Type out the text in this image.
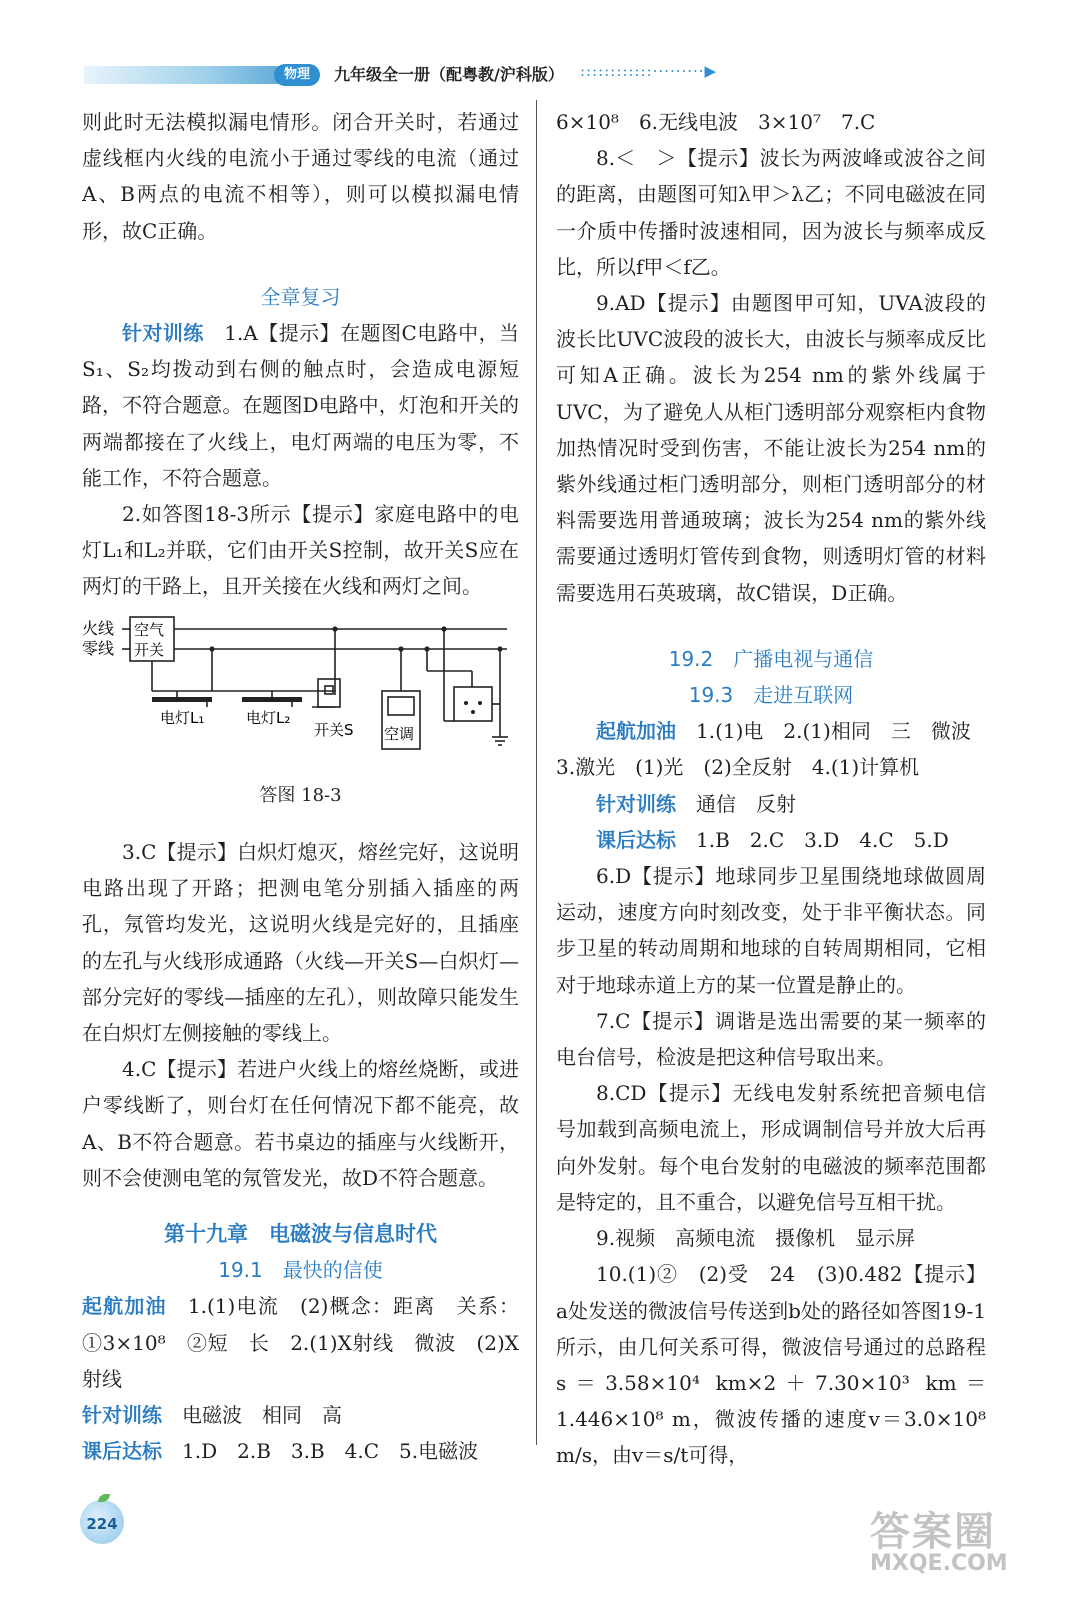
物理	九年级全一册（配粤教/沪科版） ::::::::::::·········▶

则此时无法模拟漏电情形。闭合开关时，若通过虚线框内火线的电流小于通过零线的电流（通过A、B两点的电流不相等），则可以模拟漏电情形，故C正确。

全章复习

针对训练　 1.A【提示】在题图C电路中，当S₁、S₂均拨动到右侧的触点时，会造成电源短路，不符合题意。在题图D电路中，灯泡和开关的两端都接在了火线上，电灯两端的电压为零，不能工作，不符合题意。

2.如答图18-3所示【提示】家庭电路中的电灯L₁和L₂并联，它们由开关S控制，故开关S应在两灯的干路上，且开关接在火线和两灯之间。

火线
零线
空气
开关
电灯L₁	电灯L₂
开关S 空调

答图 18-3

3.C【提示】白炽灯熄灭，熔丝完好，这说明电路出现了开路；把测电笔分别插入插座的两孔，氖管均发光，这说明火线是完好的，且插座的左孔与火线形成通路（火线—开关S—白炽灯—部分完好的零线—插座的左孔），则故障只能发生在白炽灯左侧接触的零线上。

4.C【提示】若进户火线上的熔丝烧断，或进户零线断了，则台灯在任何情况下都不能亮，故A、B不符合题意。若书桌边的插座与火线断开，则不会使测电笔的氖管发光，故D不符合题意。

第十九章　电磁波与信息时代

19.1　最快的信使

起航加油　 1.(1)电流　(2)概念：距离　关系：①3×10⁸　②短　长　2.(1)X射线　微波　(2)X射线

针对训练　 电磁波　相同　高

课后达标　 1.D　2.B　3.B　4.C　5.电磁波

6×10⁸　6.无线电波　3×10⁷　7.C

8.＜　＞【提示】波长为两波峰或波谷之间的距离，由题图可知λ甲＞λ乙；不同电磁波在同一介质中传播时波速相同，因为波长与频率成反比，所以f甲＜f乙。

9.AD【提示】由题图甲可知，UVA波段的波长比UVC波段的波长大，由波长与频率成反比可知A正确。波长为254 nm的紫外线属于UVC，为了避免人从柜门透明部分观察柜内食物加热情况时受到伤害，不能让波长为254 nm的紫外线通过柜门透明部分，则柜门透明部分的材料需要选用普通玻璃；波长为254 nm的紫外线需要通过透明灯管传到食物，则透明灯管的材料需要选用石英玻璃，故C错误，D正确。

19.2　广播电视与通信

19.3　走进互联网

起航加油　 1.(1)电　2.(1)相同　三　微波

3.激光　(1)光　(2)全反射　4.(1)计算机

针对训练　 通信　反射

课后达标　 1.B　2.C　3.D　4.C　5.D

6.D【提示】地球同步卫星围绕地球做圆周运动，速度方向时刻改变，处于非平衡状态。同步卫星的转动周期和地球的自转周期相同，它相对于地球赤道上方的某一位置是静止的。

7.C【提示】调谐是选出需要的某一频率的电台信号，检波是把这种信号取出来。

8.CD【提示】无线电发射系统把音频电信号加载到高频电流上，形成调制信号并放大后再向外发射。每个电台发射的电磁波的频率范围都是特定的，且不重合，以避免信号互相干扰。

9.视频　高频电流　摄像机　显示屏

10.(1)②　(2)受　24　(3)0.482【提示】a处发送的微波信号传送到b处的路径如答图19-1所示，由几何关系可得，微波信号通过的总路程s＝3.58×10⁴ km×2＋7.30×10³ km＝1.446×10⁸ m，微波传播的速度v＝3.0×10⁸ m/s，由v＝s/t可得，

224	答案圈
MXQE.COM
